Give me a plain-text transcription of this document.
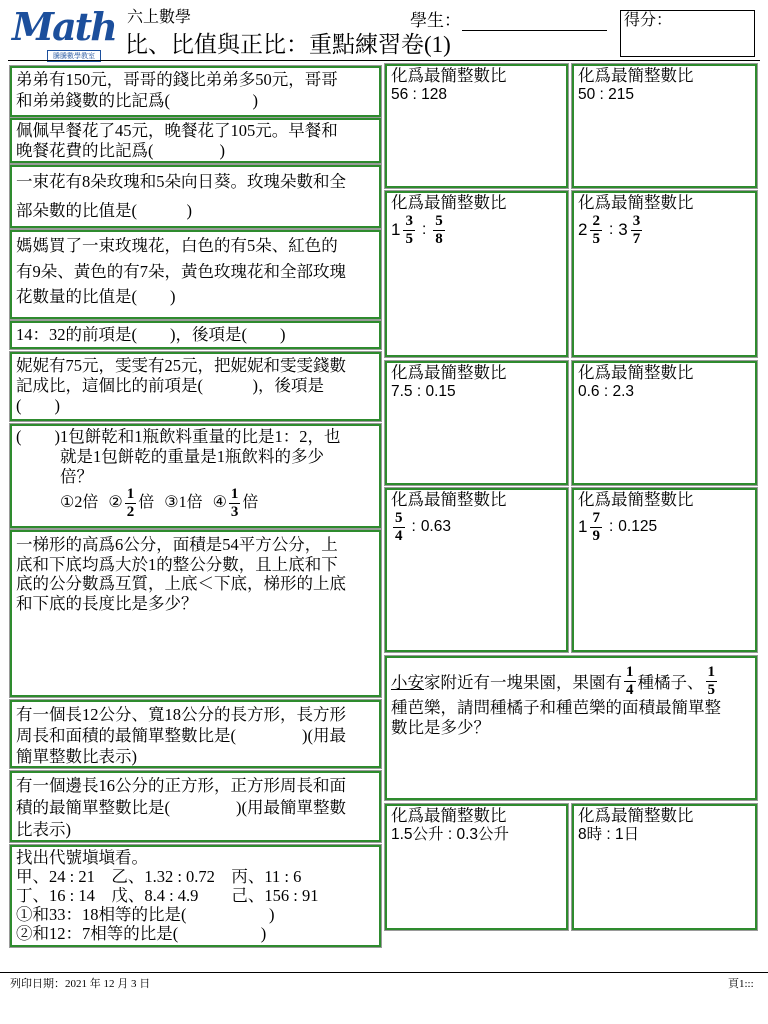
Math
騰騰數學教室
六上數學
比、比值與正比：重點練習卷(1)
學生：	得分：
弟弟有150元，哥哥的錢比弟弟多50元，哥哥
和弟弟錢數的比記爲(　　　　　)
佩佩早餐花了45元，晚餐花了105元。早餐和
晚餐花費的比記爲(　　　　)
一束花有8朵玫瑰和5朵向日葵。玫瑰朵數和全
部朵數的比值是(　　　)
媽媽買了一束玫瑰花，白色的有5朵、紅色的
有9朵、黃色的有7朵，黃色玫瑰花和全部玫瑰
花數量的比值是(　　)
14：32的前項是(　　)，後項是(　　)
妮妮有75元，雯雯有25元，把妮妮和雯雯錢數
記成比，這個比的前項是(　　　)，後項是
(　　)
(　　)1包餅乾和1瓶飲料重量的比是1：2，也
就是1包餅乾的重量是1瓶飲料的多少
倍？
① 2倍 ② $\frac{1}{2}$ 倍 ③ 1倍 ④ $\frac{1}{3}$ 倍
一梯形的高爲6公分，面積是54平方公分，上
底和下底均爲大於1的整公分數，且上底和下
底的公分數爲互質，上底＜下底，梯形的上底
和下底的長度比是多少？
有一個長12公分、寬18公分的長方形，長方形
周長和面積的最簡單整數比是(　　　　)(用最
簡單整數比表示)
有一個邊長16公分的正方形，正方形周長和面
積的最簡單整數比是(　　　　)(用最簡單整數
比表示)
找出代號塡塡看。
甲、24 : 21　乙、1.32 : 0.72　丙、11 : 6
丁、16 : 14　戊、8.4 : 4.9　　己、156 : 91
①和33：18相等的比是(　　　　　)
②和12：7相等的比是(　　　　　)
化爲最簡整數比
56 : 128
化爲最簡整數比
50 : 215
化爲最簡整數比
$1 \frac{3}{5}$ : $\frac{5}{8}$
化爲最簡整數比
$2 \frac{2}{5}$ : $3 \frac{3}{7}$
化爲最簡整數比
7.5 : 0.15
化爲最簡整數比
0.6 : 2.3
化爲最簡整數比
$\frac{5}{4}$ : 0.63
化爲最簡整數比
$1 \frac{7}{9}$ : 0.125
小安 家附近有一塊果園，果園有 $\frac{1}{4}$ 種橘子、 $\frac{1}{5}$
種芭樂，請問種橘子和種芭樂的面積最簡單整
數比是多少？
化爲最簡整數比
1.5公升 : 0.3公升
化爲最簡整數比
8時 : 1日
列印日期：2021 年 12 月 3 日	頁1:::
